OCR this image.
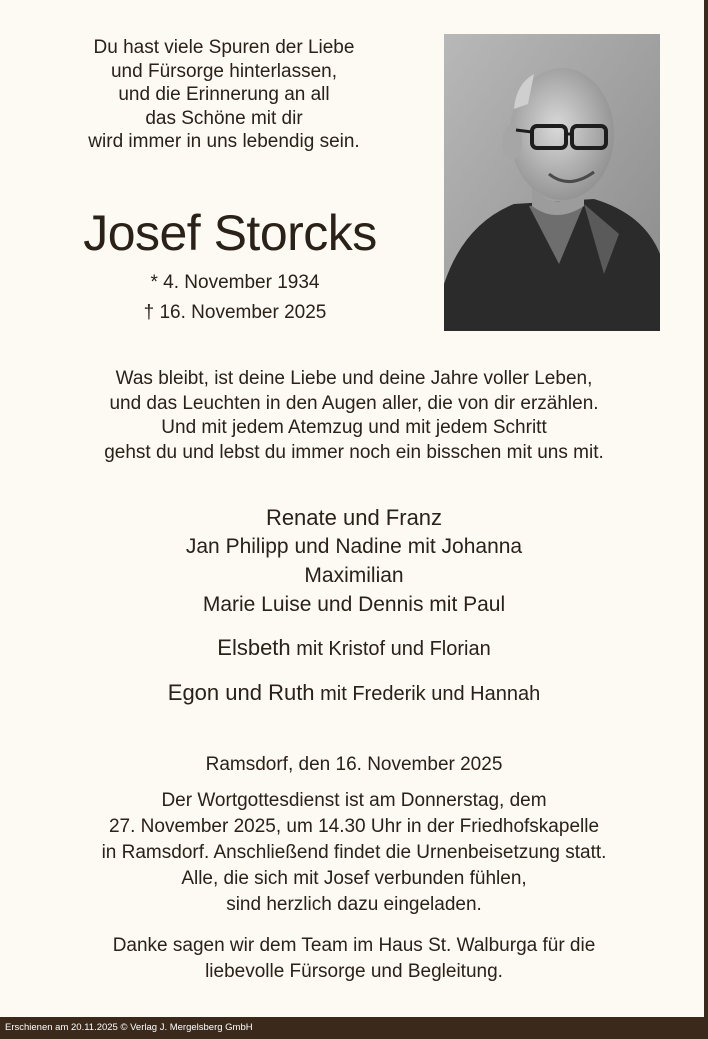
Du hast viele Spuren der Liebe
und Fürsorge hinterlassen,
und die Erinnerung an all
das Schöne mit dir
wird immer in uns lebendig sein.
Josef Storcks
* 4. November 1934
† 16. November 2025
Was bleibt, ist deine Liebe und deine Jahre voller Leben,
und das Leuchten in den Augen aller, die von dir erzählen.
Und mit jedem Atemzug und mit jedem Schritt
gehst du und lebst du immer noch ein bisschen mit uns mit.
Renate und Franz
Jan Philipp und Nadine mit Johanna
Maximilian
Marie Luise und Dennis mit Paul
Elsbeth mit Kristof und Florian
Egon und Ruth mit Frederik und Hannah
Ramsdorf, den 16. November 2025
Der Wortgottesdienst ist am Donnerstag, dem
27. November 2025, um 14.30 Uhr in der Friedhofskapelle
in Ramsdorf. Anschließend findet die Urnenbeisetzung statt.
Alle, die sich mit Josef verbunden fühlen,
sind herzlich dazu eingeladen.
Danke sagen wir dem Team im Haus St. Walburga für die
liebevolle Fürsorge und Begleitung.
Erschienen am 20.11.2025 © Verlag J. Mergelsberg GmbH
